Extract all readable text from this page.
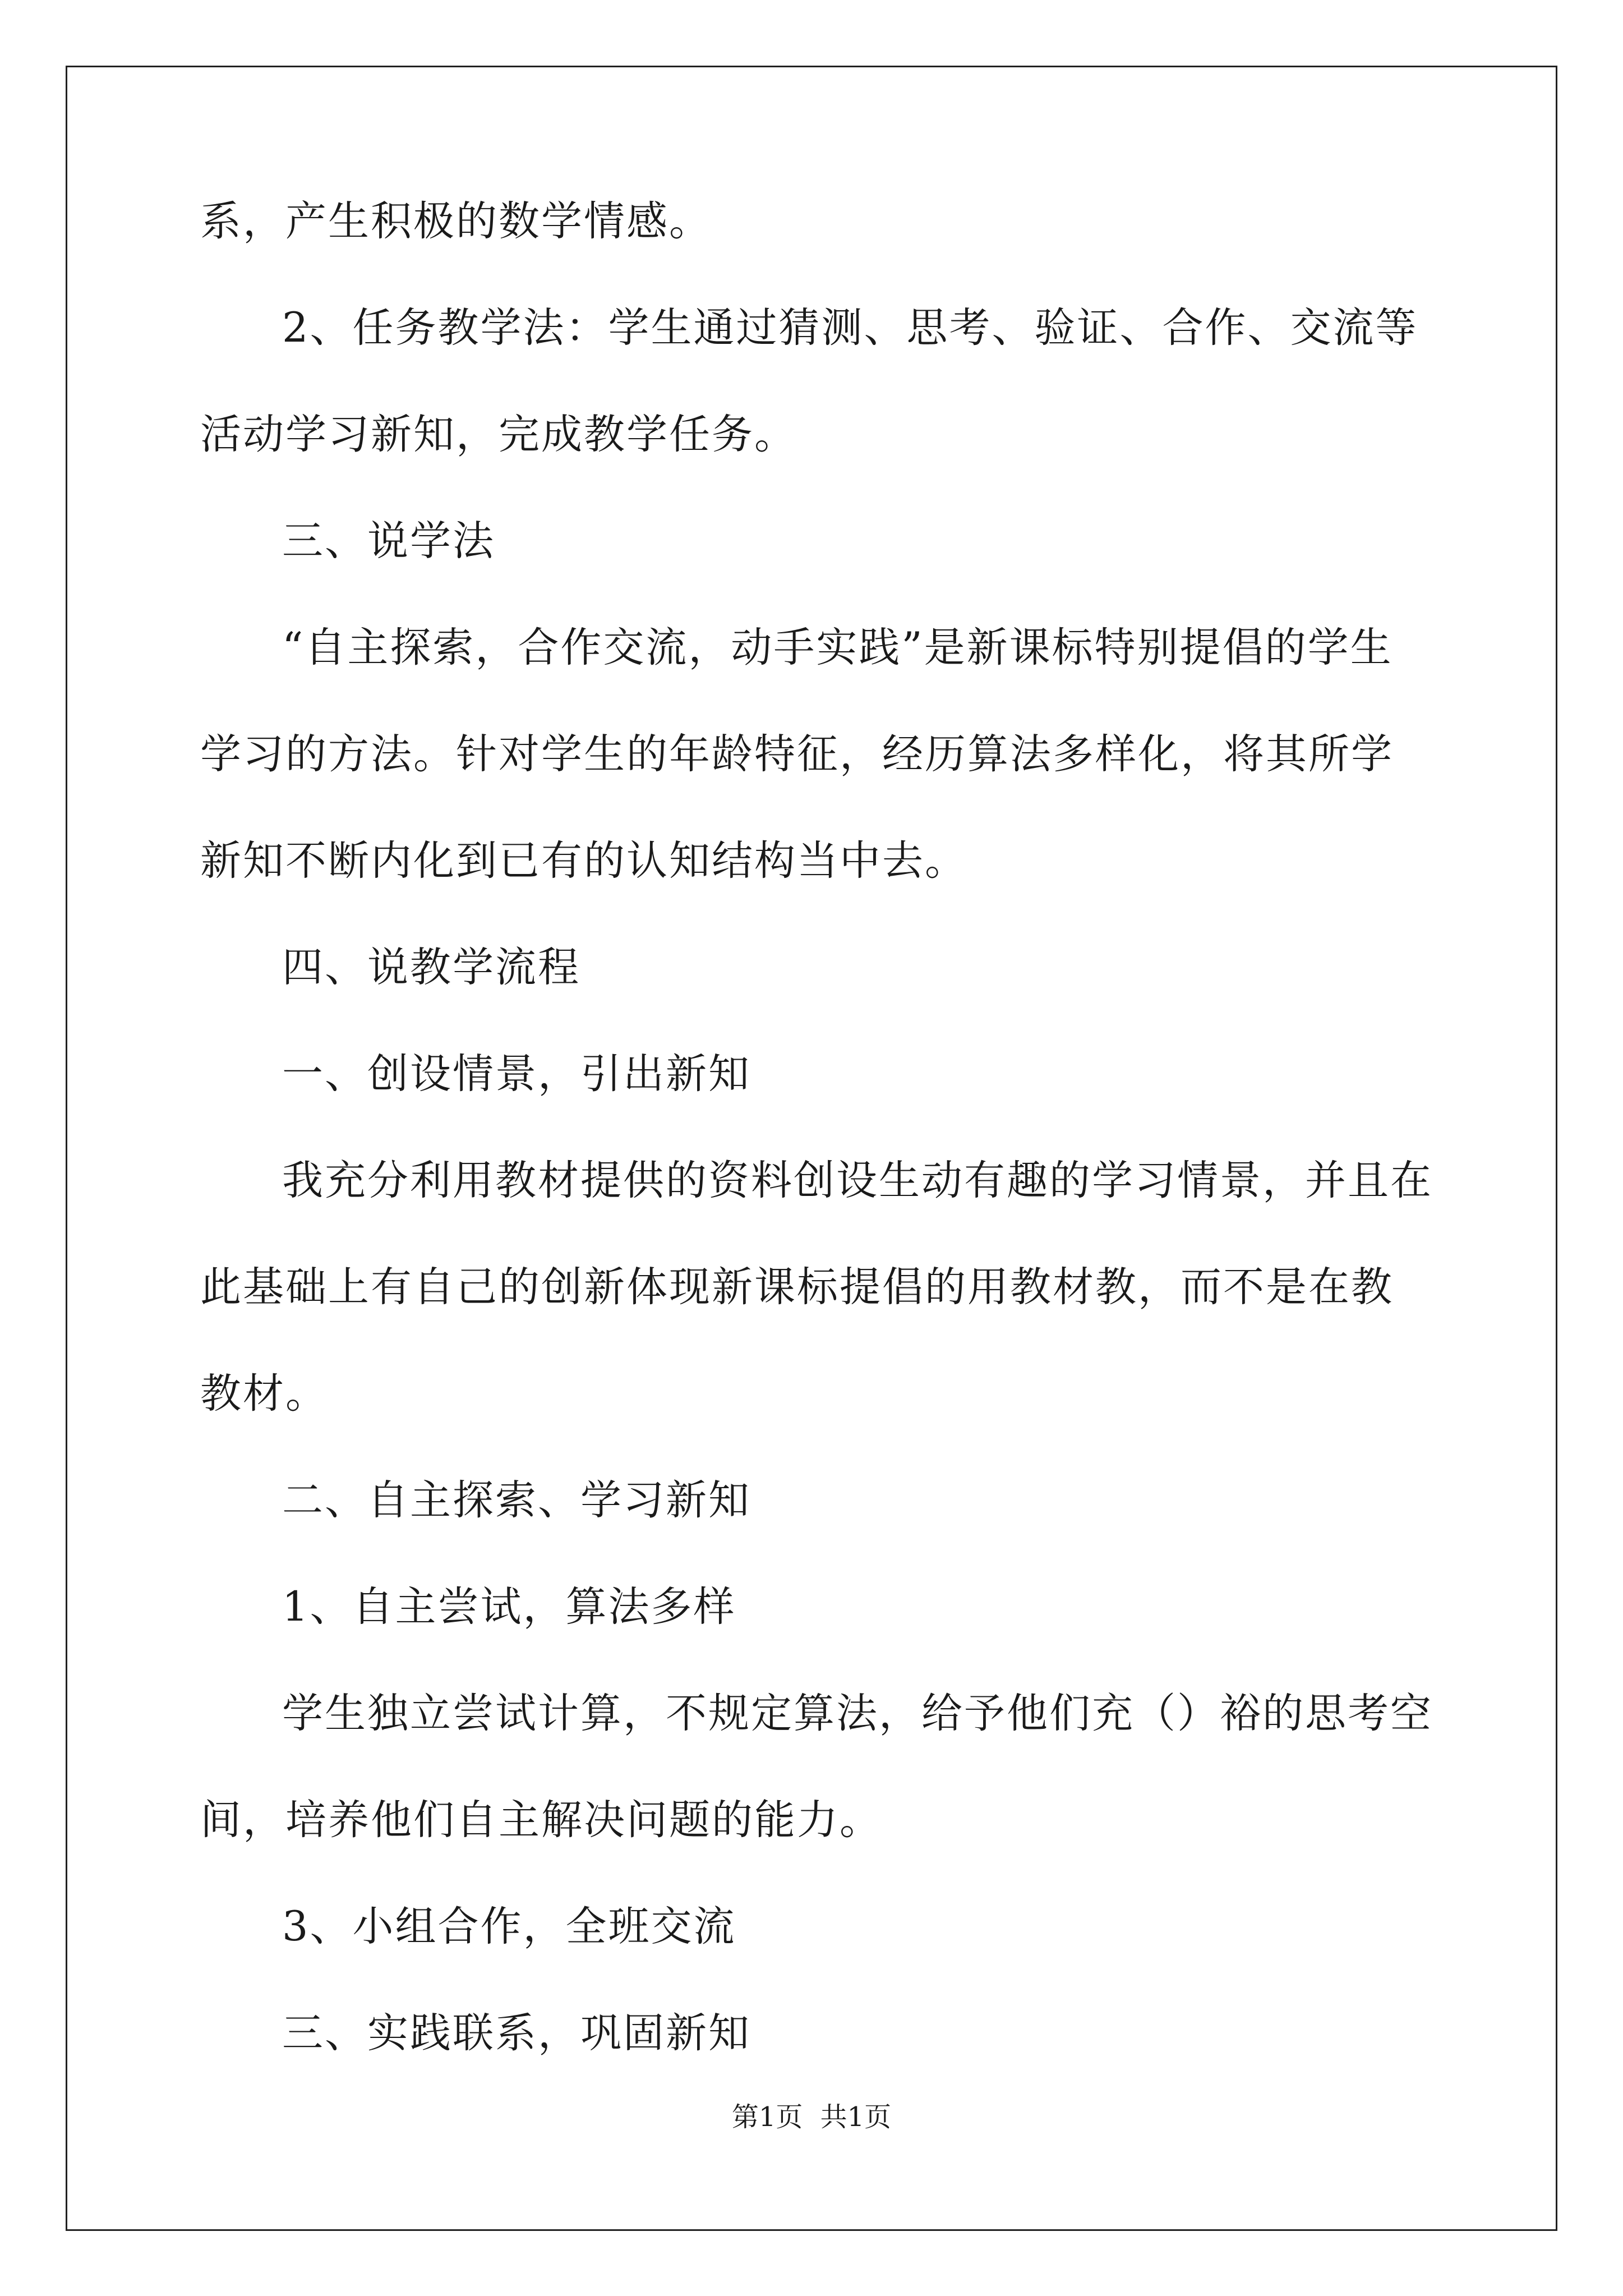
系，产生积极的数学情感。

2、任务教学法：学生通过猜测、思考、验证、合作、交流等活动学习新知，完成教学任务。

三、说学法

“自主探索，合作交流，动手实践”是新课标特别提倡的学生学习的方法。针对学生的年龄特征，经历算法多样化，将其所学新知不断内化到已有的认知结构当中去。

四、说教学流程

一、创设情景，引出新知

我充分利用教材提供的资料创设生动有趣的学习情景，并且在此基础上有自己的创新体现新课标提倡的用教材教，而不是在教教材。

二、自主探索、学习新知

1、自主尝试，算法多样

学生独立尝试计算，不规定算法，给予他们充（）裕的思考空间，培养他们自主解决问题的能力。

3、小组合作，全班交流

三、实践联系，巩固新知

第1页 共1页
